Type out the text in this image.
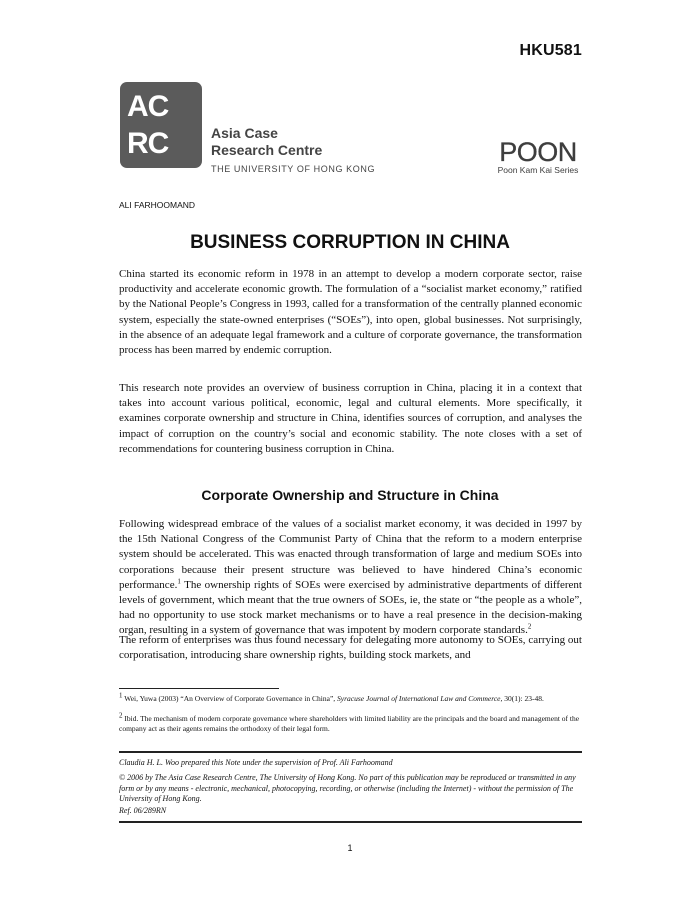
HKU581
AC
RC	Asia Case
Research Centre
THE UNIVERSITY OF HONG KONG
POON
Poon Kam Kai Series
ALI FARHOOMAND
BUSINESS CORRUPTION IN CHINA

China started its economic reform in 1978 in an attempt to develop a modern corporate sector, raise productivity and accelerate economic growth. The formulation of a “socialist market economy,” ratified by the National People’s Congress in 1993, called for a transformation of the centrally planned economic system, especially the state-owned enterprises (“SOEs”), into open, global businesses. Not surprisingly, in the absence of an adequate legal framework and a culture of corporate governance, the transformation process has been marred by endemic corruption.

This research note provides an overview of business corruption in China, placing it in a context that takes into account various political, economic, legal and cultural elements. More specifically, it examines corporate ownership and structure in China, identifies sources of corruption, and analyses the impact of corruption on the country’s social and economic stability. The note closes with a set of recommendations for countering business corruption in China.

Corporate Ownership and Structure in China

Following widespread embrace of the values of a socialist market economy, it was decided in 1997 by the 15th National Congress of the Communist Party of China that the reform to a modern enterprise system should be accelerated. This was enacted through transformation of large and medium SOEs into corporations because their present structure was believed to have hindered China’s economic performance.$^1$ The ownership rights of SOEs were exercised by administrative departments of different levels of government, which meant that the true owners of SOEs, ie, the state or “the people as a whole”, had no opportunity to use stock market mechanisms or to have a real presence in the decision-making organ, resulting in a system of governance that was impotent by modern corporate standards.$^2$

The reform of enterprises was thus found necessary for delegating more autonomy to SOEs, carrying out corporatisation, introducing share ownership rights, building stock markets, and

$^1$ Wei, Yuwa (2003) “An Overview of Corporate Governance in China”, Syracuse Journal of International Law and Commerce, 30(1): 23-48.

$^2$ Ibid. The mechanism of modern corporate governance where shareholders with limited liability are the principals and the board and management of the company act as their agents remains the orthodoxy of their legal form.

Claudia H. L. Woo prepared this Note under the supervision of Prof. Ali Farhoomand

© 2006 by The Asia Case Research Centre, The University of Hong Kong. No part of this publication may be reproduced or transmitted in any form or by any means - electronic, mechanical, photocopying, recording, or otherwise (including the Internet) - without the permission of The University of Hong Kong.

Ref. 06/289RN

1
